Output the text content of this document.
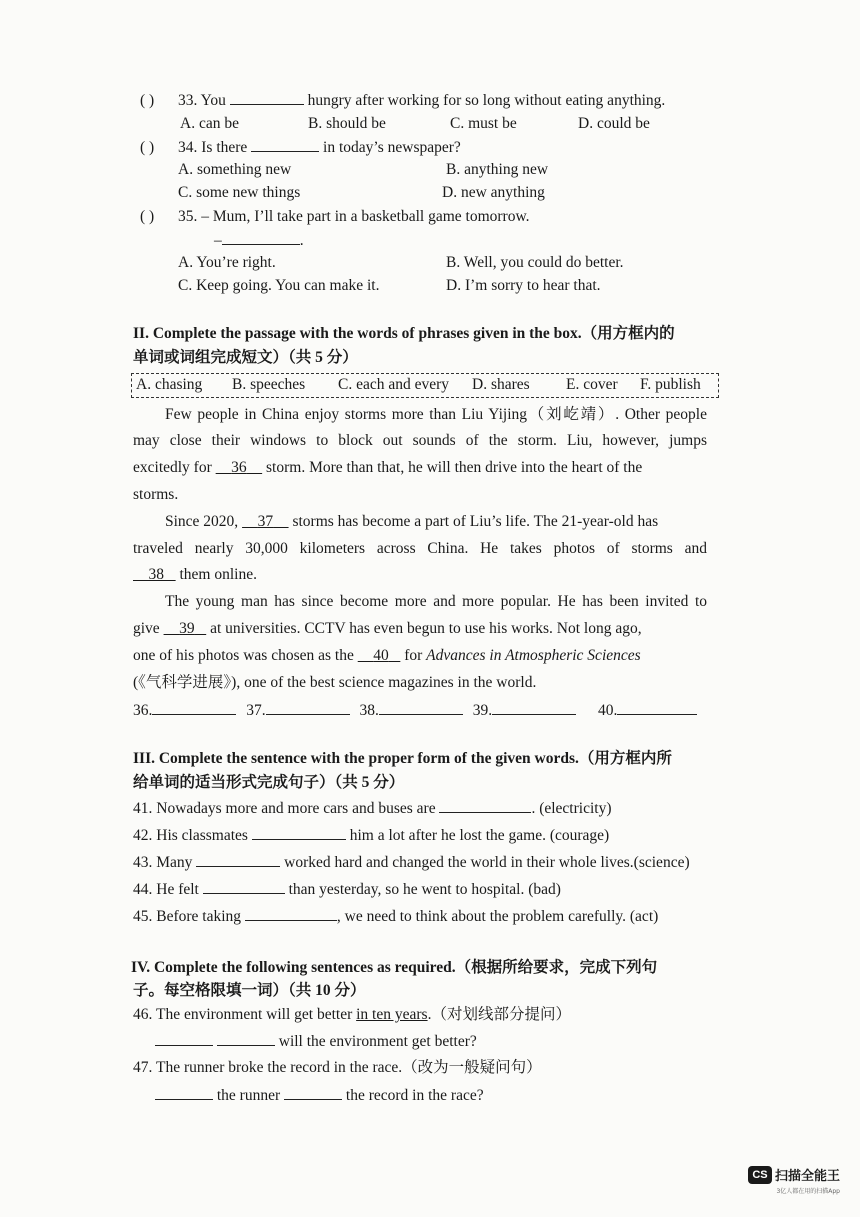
( ) 33. You	hungry after working for so long without eating anything.
A. can be	B. should be	C. must be	D. could be
( ) 34. Is there	in today’s newspaper?
A. something new	B. anything new
C. some new things	D. new anything
( ) 35. – Mum, I’ll take part in a basketball game tomorrow.
–	.
A. You’re right.	B. Well, you could do better.
C. Keep going. You can make it.	D. I’m sorry to hear that.
II. Complete the passage with the words of phrases given in the box.（用方框内的
单词或词组完成短文）（共 5 分）
A. chasing B. speeches C. each and every D. shares E. cover F. publish
Few people in China enjoy storms more than Liu Yijing（刘屹靖）. Other people
may close their windows to block out sounds of the storm. Liu, however, jumps
excitedly for 36 storm. More than that, he will then drive into the heart of the
storms.
Since 2020, 37 storms has become a part of Liu’s life. The 21-year-old has
traveled nearly 30,000 kilometers across China. He takes photos of storms and
38 them online.
The young man has since become more and more popular. He has been invited to
give 39 at universities. CCTV has even begun to use his works. Not long ago,
one of his photos was chosen as the 40 for Advances in Atmospheric Sciences
(《气科学进展》), one of the best science magazines in the world.
36.	37.	38.	39.	40.
III. Complete the sentence with the proper form of the given words.（用方框内所
给单词的适当形式完成句子）（共 5 分）
41. Nowadays more and more cars and buses are	. (electricity)
42. His classmates	him a lot after he lost the game. (courage)
43. Many	worked hard and changed the world in their whole lives.(science)
44. He felt	than yesterday, so he went to hospital. (bad)
45. Before taking	, we need to think about the problem carefully. (act)
IV. Complete the following sentences as required.（根据所给要求，完成下列句
子。每空格限填一词）（共 10 分）
46. The environment will get better in ten years.（对划线部分提问）
will the environment get better?
47. The runner broke the record in the race.（改为一般疑问句）
the runner	the record in the race?
CS 扫描全能王
3亿人都在用的扫描App
